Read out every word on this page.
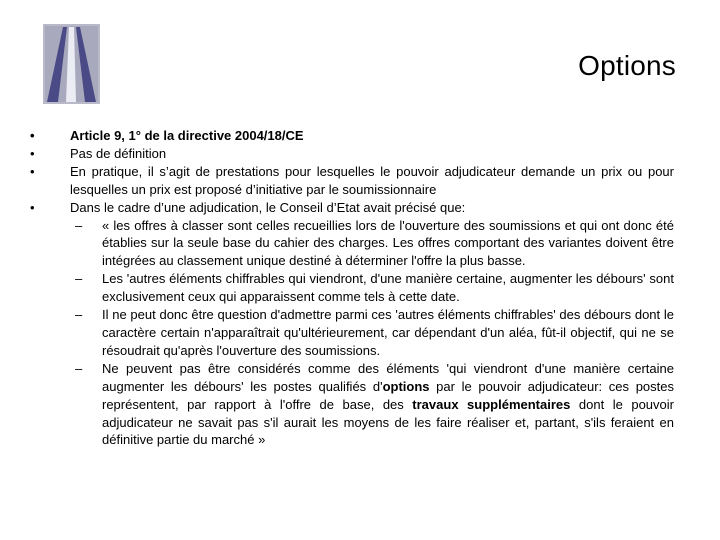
Options
• Article 9, 1° de la directive 2004/18/CE
• Pas de définition
• En pratique, il s’agit de prestations pour lesquelles le pouvoir adjudicateur demande un prix ou pour lesquelles un prix est proposé d’initiative par le soumissionnaire
• Dans le cadre d’une adjudication, le Conseil d’Etat avait précisé que:
– « les offres à classer sont celles recueillies lors de l'ouverture des soumissions et qui ont donc été établies sur la seule base du cahier des charges. Les offres comportant des variantes doivent être intégrées au classement unique destiné à déterminer l'offre la plus basse.
– Les 'autres éléments chiffrables qui viendront, d'une manière certaine, augmenter les débours' sont exclusivement ceux qui apparaissent comme tels à cette date.
– Il ne peut donc être question d'admettre parmi ces 'autres éléments chiffrables' des débours dont le caractère certain n'apparaîtrait qu'ultérieurement, car dépendant d'un aléa, fût-il objectif, qui ne se résoudrait qu'après l'ouverture des soumissions.
– Ne peuvent pas être considérés comme des éléments 'qui viendront d'une manière certaine augmenter les débours' les postes qualifiés d'options par le pouvoir adjudicateur: ces postes représentent, par rapport à l'offre de base, des travaux supplémentaires dont le pouvoir adjudicateur ne savait pas s'il aurait les moyens de les faire réaliser et, partant, s'ils feraient en définitive partie du marché »
